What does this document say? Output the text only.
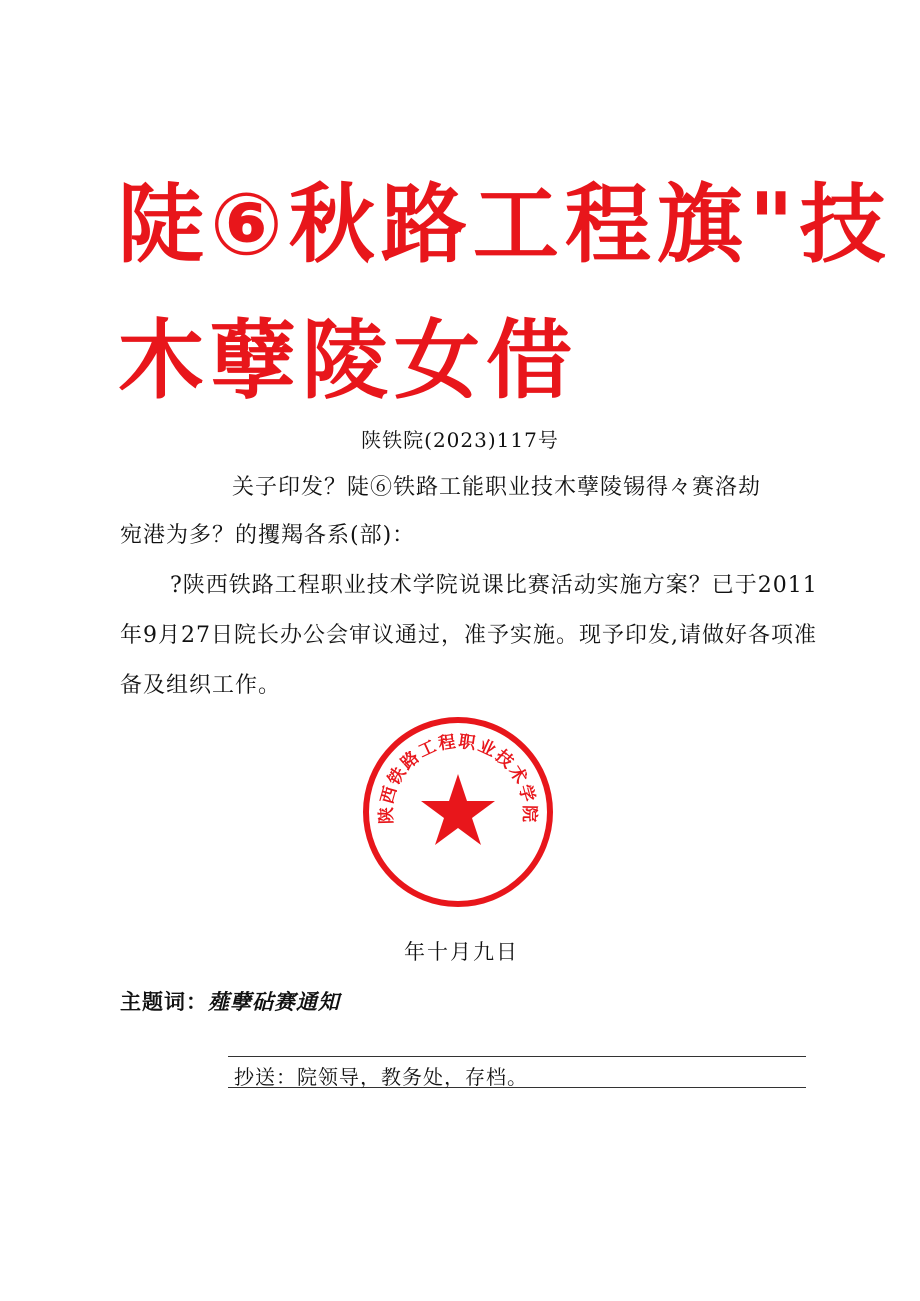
陡⑥秋路工程旗"技
木孽陵女借
陕铁院(2023)117号
关子印发？陡⑥铁路工能职业技木孽陵锡得々赛洛劫
宛港为多？的攫羯各系(部)：
?陕西铁路工程职业技术学院说课比赛活动实施方案？已于2011
年9月27日院长办公会审议通过，准予实施。现予印发,请做好各项准
备及组织工作。
陕西铁路工程职业技术学院
年十月九日
主题词：薤孽砧赛通知
抄送：院领导，教务处，存档。
